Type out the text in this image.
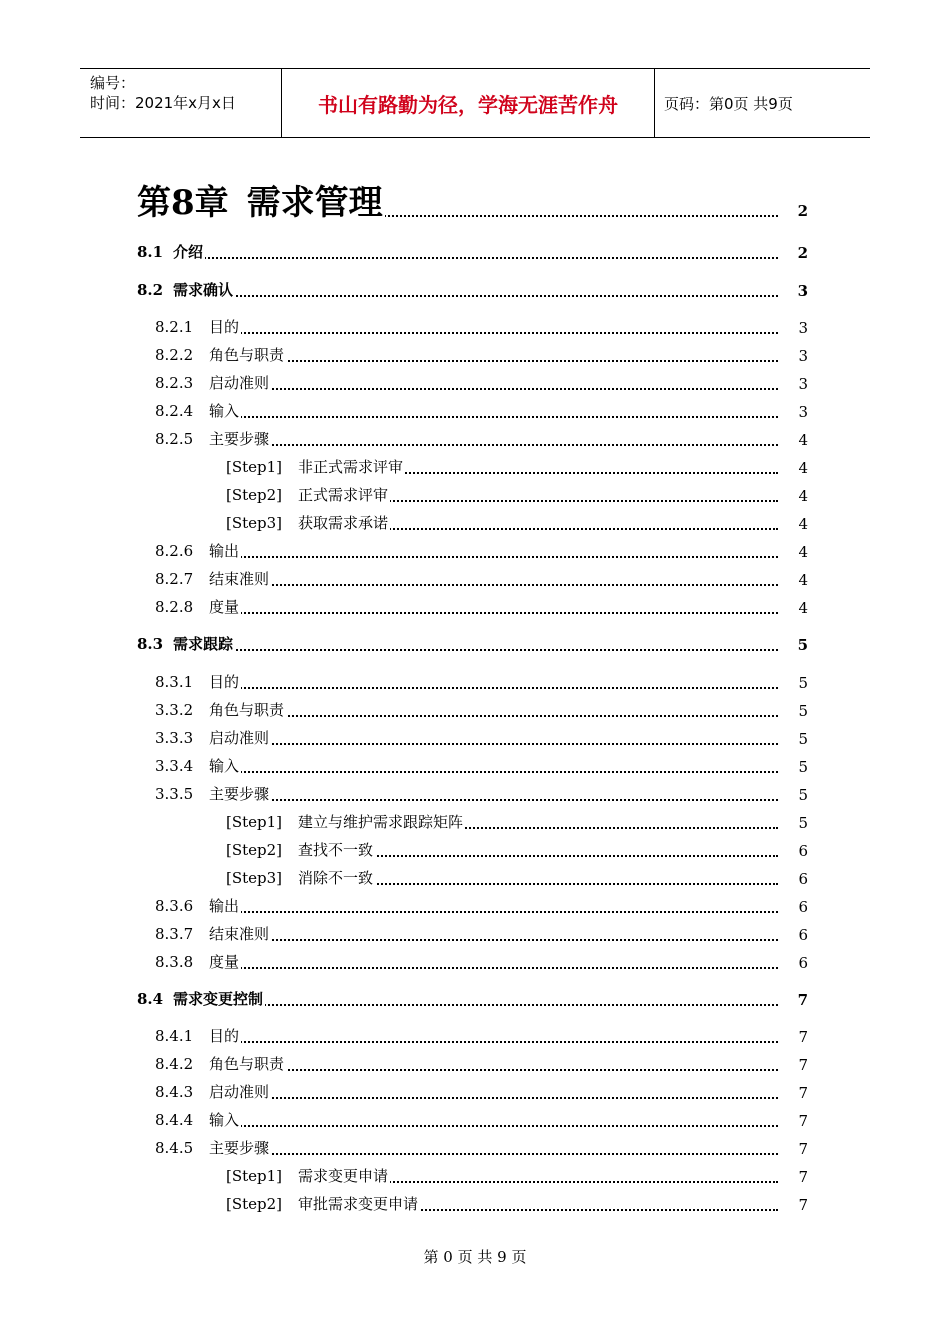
编号：
时间：2021年x月x日	书山有路勤为径，学海无涯苦作舟	页码：第0页 共9页
第8章 需求管理	2
8.1 介绍	2
8.2 需求确认	3
8.2.1 目的	3
8.2.2 角色与职责	3
8.2.3 启动准则	3
8.2.4 输入	3
8.2.5 主要步骤	4
[Step1] 非正式需求评审	4
[Step2] 正式需求评审	4
[Step3] 获取需求承诺	4
8.2.6 输出	4
8.2.7 结束准则	4
8.2.8 度量	4
8.3 需求跟踪	5
8.3.1 目的	5
3.3.2 角色与职责	5
3.3.3 启动准则	5
3.3.4 输入	5
3.3.5 主要步骤	5
[Step1] 建立与维护需求跟踪矩阵	5
[Step2] 查找不一致	6
[Step3] 消除不一致	6
8.3.6 输出	6
8.3.7 结束准则	6
8.3.8 度量	6
8.4 需求变更控制	7
8.4.1 目的	7
8.4.2 角色与职责	7
8.4.3 启动准则	7
8.4.4 输入	7
8.4.5 主要步骤	7
[Step1] 需求变更申请	7
[Step2] 审批需求变更申请	7
第 0 页 共 9 页
